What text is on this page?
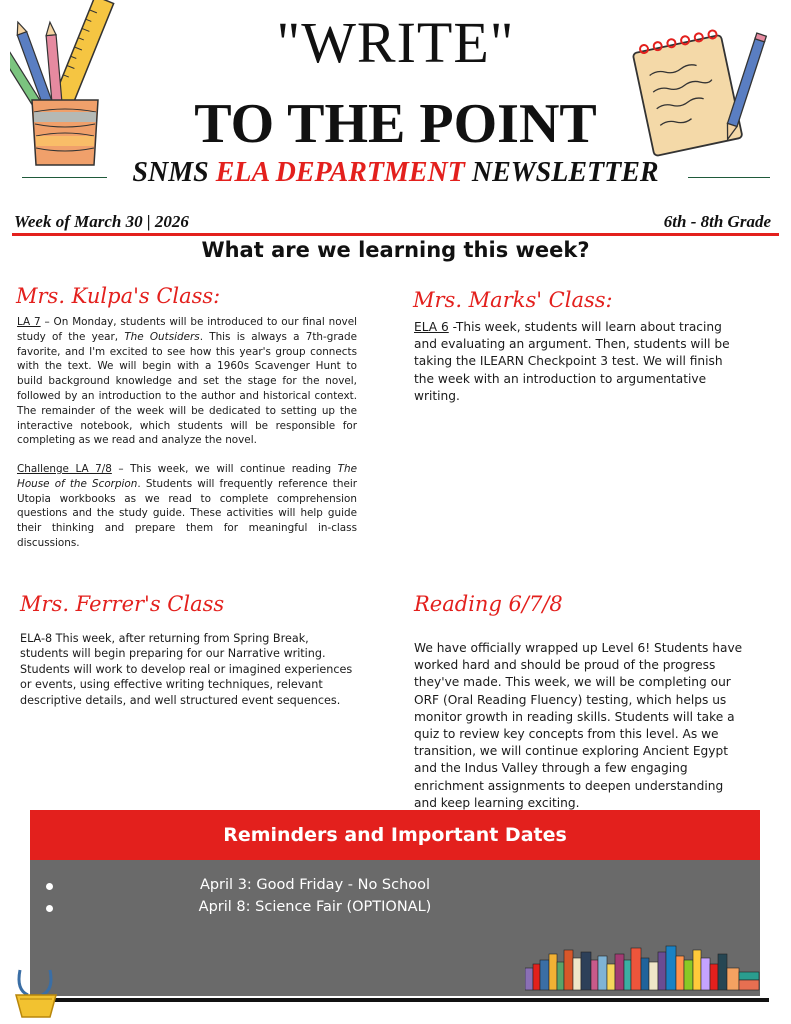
"WRITE"
TO THE POINT
SNMS ELA DEPARTMENT NEWSLETTER
Week of March 30 | 2026	6th - 8th Grade
What are we learning this week?
Mrs. Kulpa's Class:
LA 7 – On Monday, students will be introduced to our final novel study of the year, The Outsiders. This is always a 7th-grade favorite, and I'm excited to see how this year's group connects with the text. We will begin with a 1960s Scavenger Hunt to build background knowledge and set the stage for the novel, followed by an introduction to the author and historical context. The remainder of the week will be dedicated to setting up the interactive notebook, which students will be responsible for completing as we read and analyze the novel.
Challenge LA 7/8 – This week, we will continue reading The House of the Scorpion. Students will frequently reference their Utopia workbooks as we read to complete comprehension questions and the study guide. These activities will help guide their thinking and prepare them for meaningful in-class discussions.
Mrs. Marks' Class:
ELA 6 -This week, students will learn about tracing and evaluating an argument. Then, students will be taking the ILEARN Checkpoint 3 test. We will finish the week with an introduction to argumentative writing.
Mrs. Ferrer's Class
ELA-8 This week, after returning from Spring Break, students will begin preparing for our Narrative writing. Students will work to develop real or imagined experiences or events, using effective writing techniques, relevant descriptive details, and well structured event sequences.
Reading 6/7/8
We have officially wrapped up Level 6! Students have worked hard and should be proud of the progress they've made. This week, we will be completing our ORF (Oral Reading Fluency) testing, which helps us monitor growth in reading skills. Students will take a quiz to review key concepts from this level. As we transition, we will continue exploring Ancient Egypt and the Indus Valley through a few engaging enrichment assignments to deepen understanding and keep learning exciting.
Reminders and Important Dates
April 3: Good Friday - No School
April 8: Science Fair (OPTIONAL)
